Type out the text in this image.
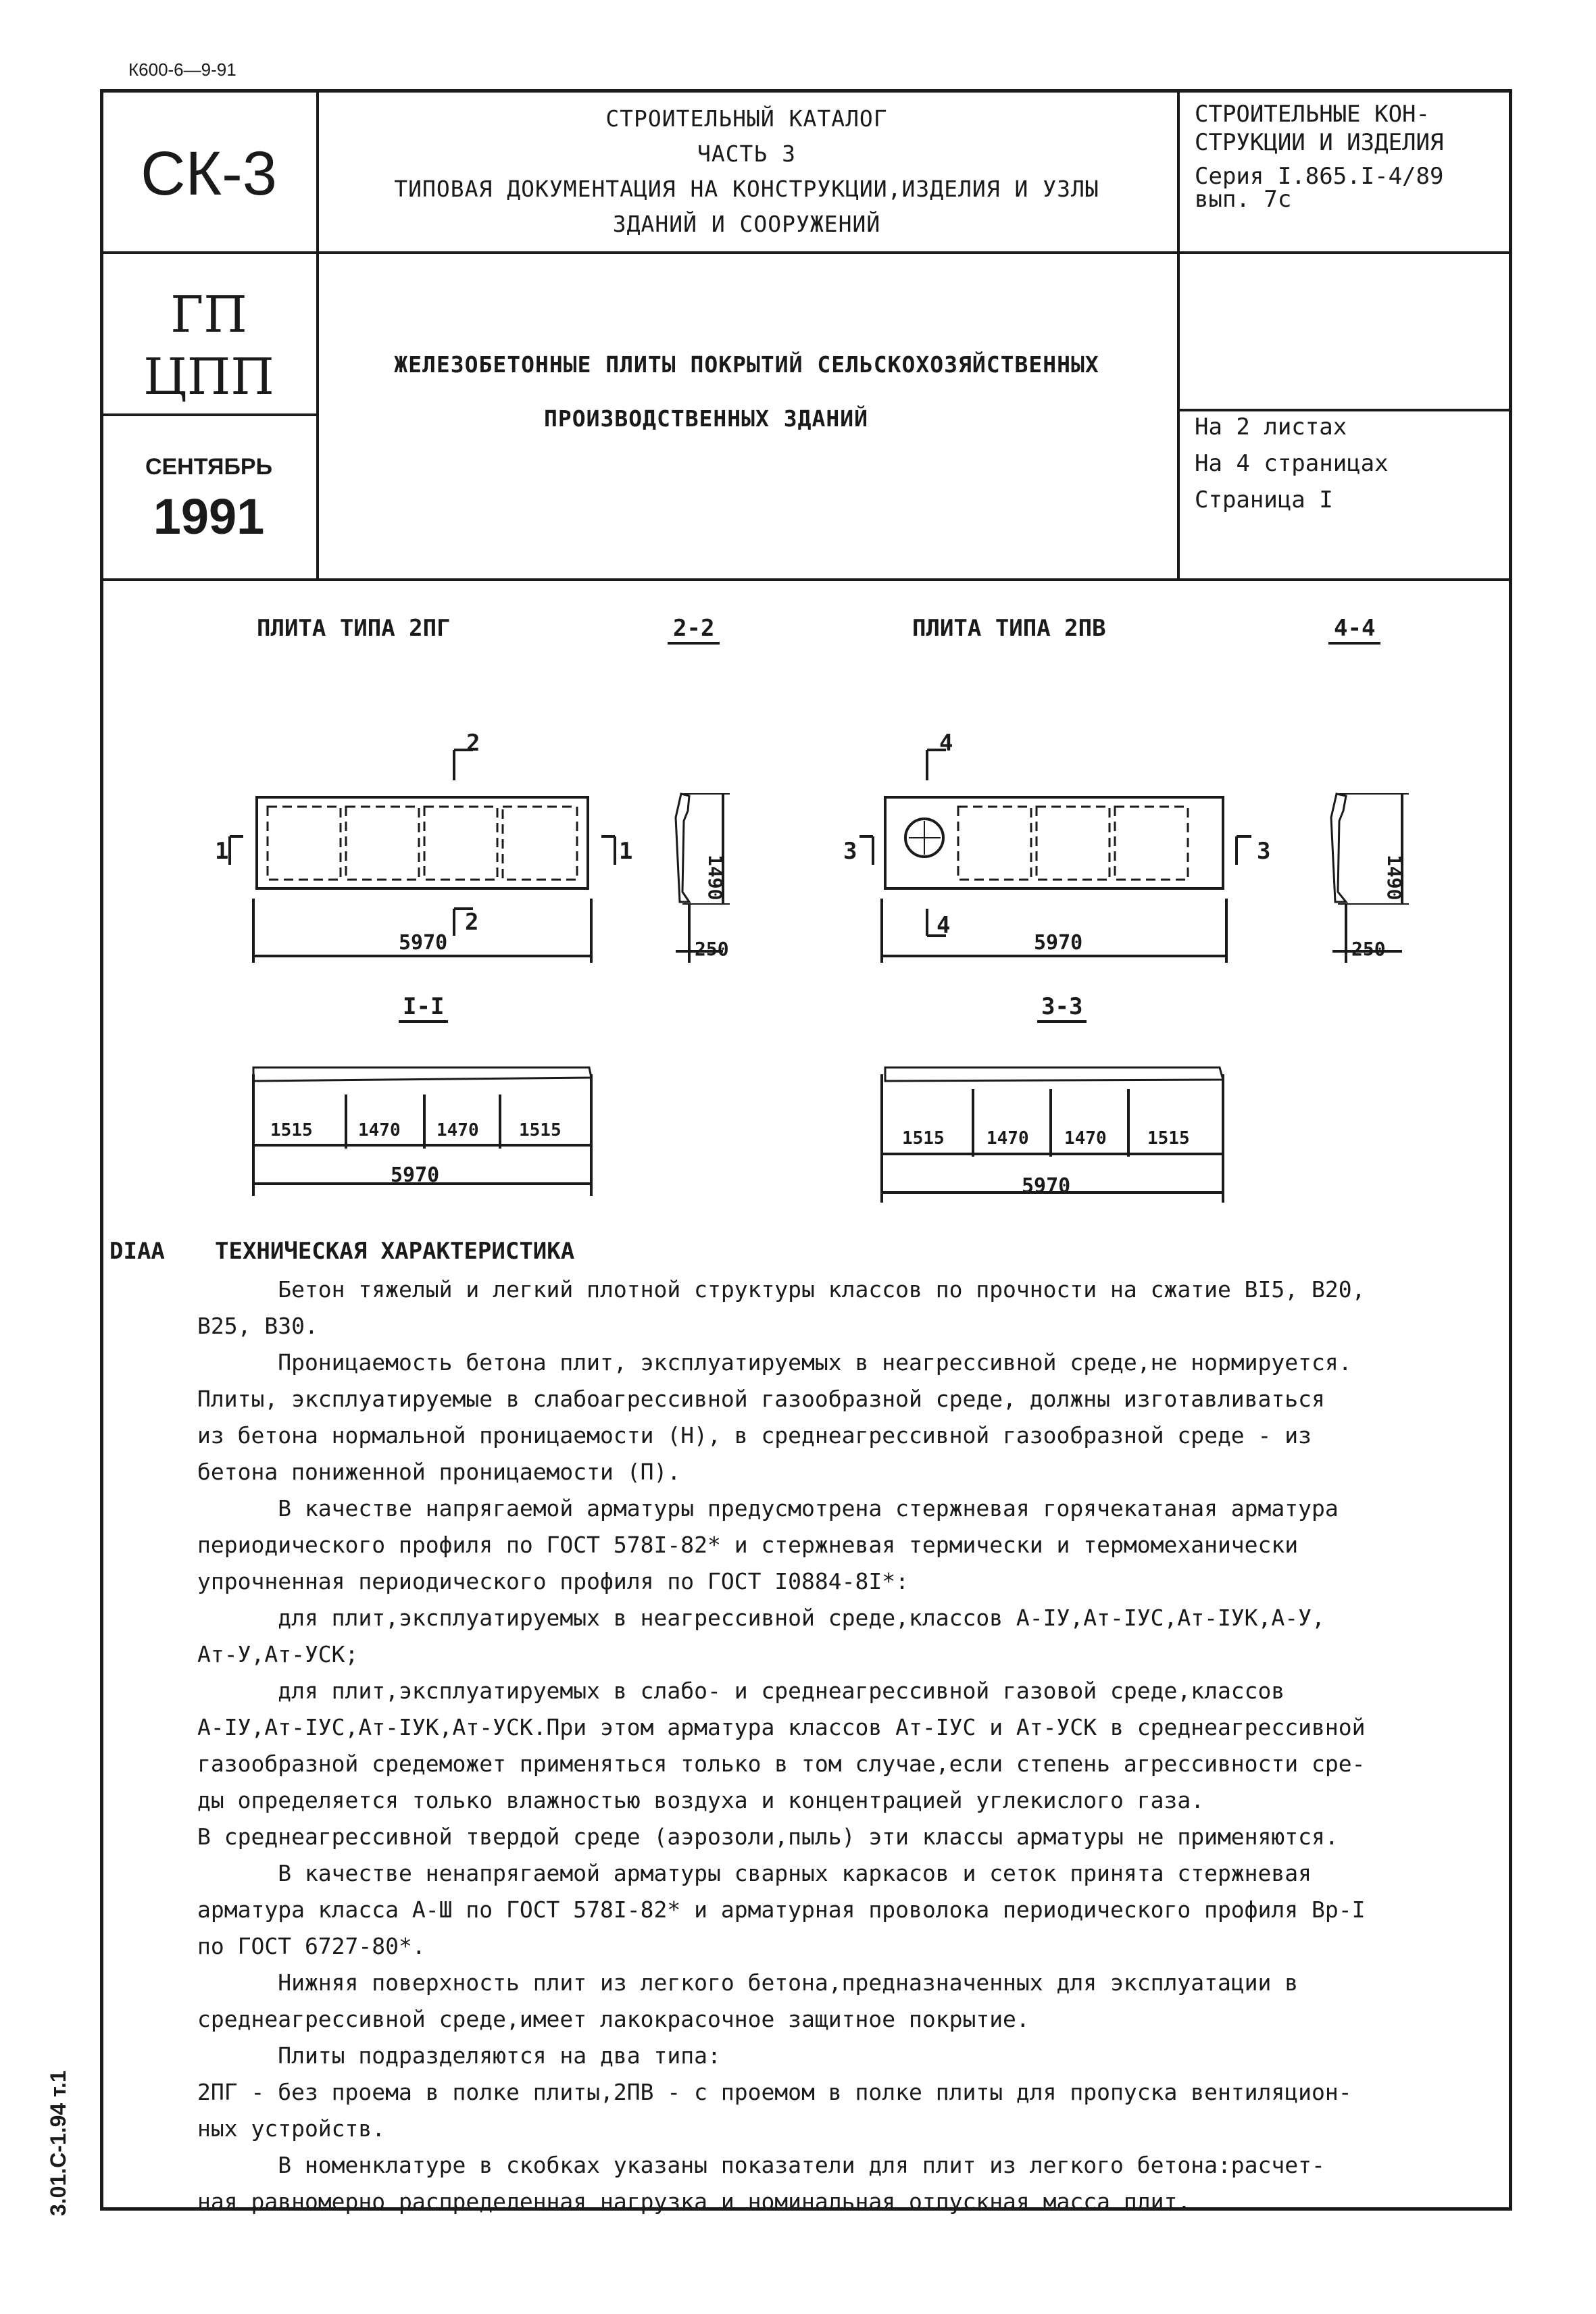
К600-6—9-91
СК-3
ГП
ЦПП
СЕНТЯБРЬ
1991
СТРОИТЕЛЬНЫЙ КАТАЛОГ
ЧАСТЬ 3
ТИПОВАЯ ДОКУМЕНТАЦИЯ НА КОНСТРУКЦИИ,ИЗДЕЛИЯ И УЗЛЫ
ЗДАНИЙ И СООРУЖЕНИЙ
СТРОИТЕЛЬНЫЕ КОН-
СТРУКЦИИ И ИЗДЕЛИЯ
Серия I.865.I-4/89
вып. 7с
ЖЕЛЕЗОБЕТОННЫЕ ПЛИТЫ ПОКРЫТИЙ СЕЛЬСКОХОЗЯЙСТВЕННЫХ
ПРОИЗВОДСТВЕННЫХ ЗДАНИЙ	На 2 листах
На 4 страницах
Страница I
ПЛИТА ТИПА 2ПГ	2-2	ПЛИТА ТИПА 2ПВ	4-4
2
2
1	1
5970
1490
250
4
4
3	3
5970
1490
250
I-I	3-3
1515	1470 1470 1515
5970
1515 1470 1470 1515
5970
DIAA ТЕХНИЧЕСКАЯ ХАРАКТЕРИСТИКА
Бетон тяжелый и легкий плотной структуры классов по прочности на сжатие BI5, B20,
B25, B30.
Проницаемость бетона плит, эксплуатируемых в неагрессивной среде,не нормируется.
Плиты, эксплуатируемые в слабоагрессивной газообразной среде, должны изготавливаться
из бетона нормальной проницаемости (Н), в среднеагрессивной газообразной среде - из
бетона пониженной проницаемости (П).
В качестве напрягаемой арматуры предусмотрена стержневая горячекатаная арматура
периодического профиля по ГОСТ 578I-82* и стержневая термически и термомеханически
упрочненная периодического профиля по ГОСТ I0884-8I*:
для плит,эксплуатируемых в неагрессивной среде,классов А-IУ,Ат-IУС,Ат-IУК,А-У,
Ат-У,Ат-УСК;
для плит,эксплуатируемых в слабо- и среднеагрессивной газовой среде,классов
А-IУ,Ат-IУС,Ат-IУК,Ат-УСК.При этом арматура классов Ат-IУС и Ат-УСК в среднеагрессивной
газообразной средеможет применяться только в том случае,если степень агрессивности сре-
ды определяется только влажностью воздуха и концентрацией углекислого газа.
В среднеагрессивной твердой среде (аэрозоли,пыль) эти классы арматуры не применяются.
В качестве ненапрягаемой арматуры сварных каркасов и сеток принята стержневая
арматура класса А-Ш по ГОСТ 578I-82* и арматурная проволока периодического профиля Вр-I
по ГОСТ 6727-80*.
Нижняя поверхность плит из легкого бетона,предназначенных для эксплуатации в
среднеагрессивной среде,имеет лакокрасочное защитное покрытие.
Плиты подразделяются на два типа:
2ПГ - без проема в полке плиты,2ПВ - с проемом в полке плиты для пропуска вентиляцион-
ных устройств.
В номенклатуре в скобках указаны показатели для плит из легкого бетона:расчет-
ная равномерно распределенная нагрузка и номинальная отпускная масса плит.
3.01.С-1.94 т.1
